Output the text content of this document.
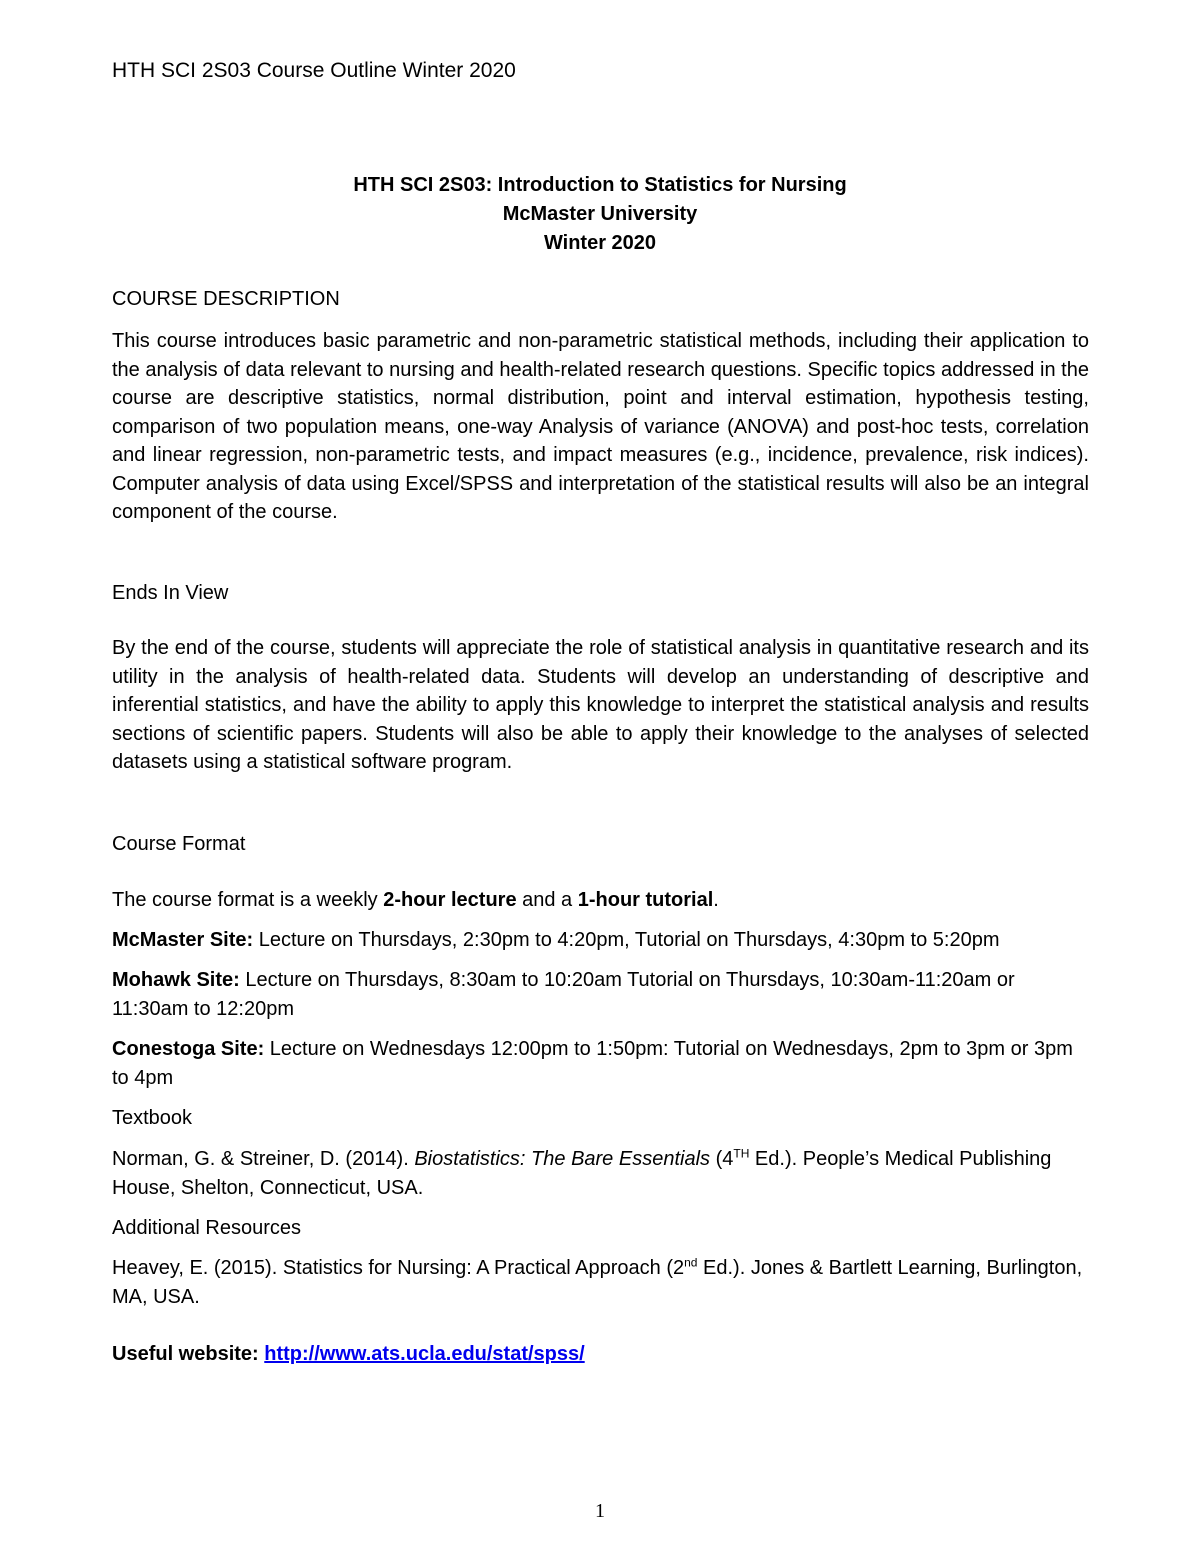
HTH SCI 2S03 Course Outline Winter 2020
HTH SCI 2S03: Introduction to Statistics for Nursing
McMaster University
Winter 2020
COURSE DESCRIPTION
This course introduces basic parametric and non-parametric statistical methods, including their application to the analysis of data relevant to nursing and health-related research questions. Specific topics addressed in the course are descriptive statistics, normal distribution, point and interval estimation, hypothesis testing, comparison of two population means, one-way Analysis of variance (ANOVA) and post-hoc tests, correlation and linear regression, non-parametric tests, and impact measures (e.g., incidence, prevalence, risk indices). Computer analysis of data using Excel/SPSS and interpretation of the statistical results will also be an integral component of the course.
Ends In View
By the end of the course, students will appreciate the role of statistical analysis in quantitative research and its utility in the analysis of health-related data. Students will develop an understanding of descriptive and inferential statistics, and have the ability to apply this knowledge to interpret the statistical analysis and results sections of scientific papers. Students will also be able to apply their knowledge to the analyses of selected datasets using a statistical software program.
Course Format
The course format is a weekly 2-hour lecture and a 1-hour tutorial.
McMaster Site: Lecture on Thursdays, 2:30pm to 4:20pm, Tutorial on Thursdays, 4:30pm to 5:20pm
Mohawk Site: Lecture on Thursdays, 8:30am to 10:20am Tutorial on Thursdays, 10:30am-11:20am or 11:30am to 12:20pm
Conestoga Site: Lecture on Wednesdays 12:00pm to 1:50pm: Tutorial on Wednesdays, 2pm to 3pm or 3pm to 4pm
Textbook
Norman, G. & Streiner, D. (2014). Biostatistics: The Bare Essentials (4TH Ed.). People’s Medical Publishing House, Shelton, Connecticut, USA.
Additional Resources
Heavey, E. (2015). Statistics for Nursing: A Practical Approach (2nd Ed.). Jones & Bartlett Learning, Burlington, MA, USA.
Useful website: http://www.ats.ucla.edu/stat/spss/
1
